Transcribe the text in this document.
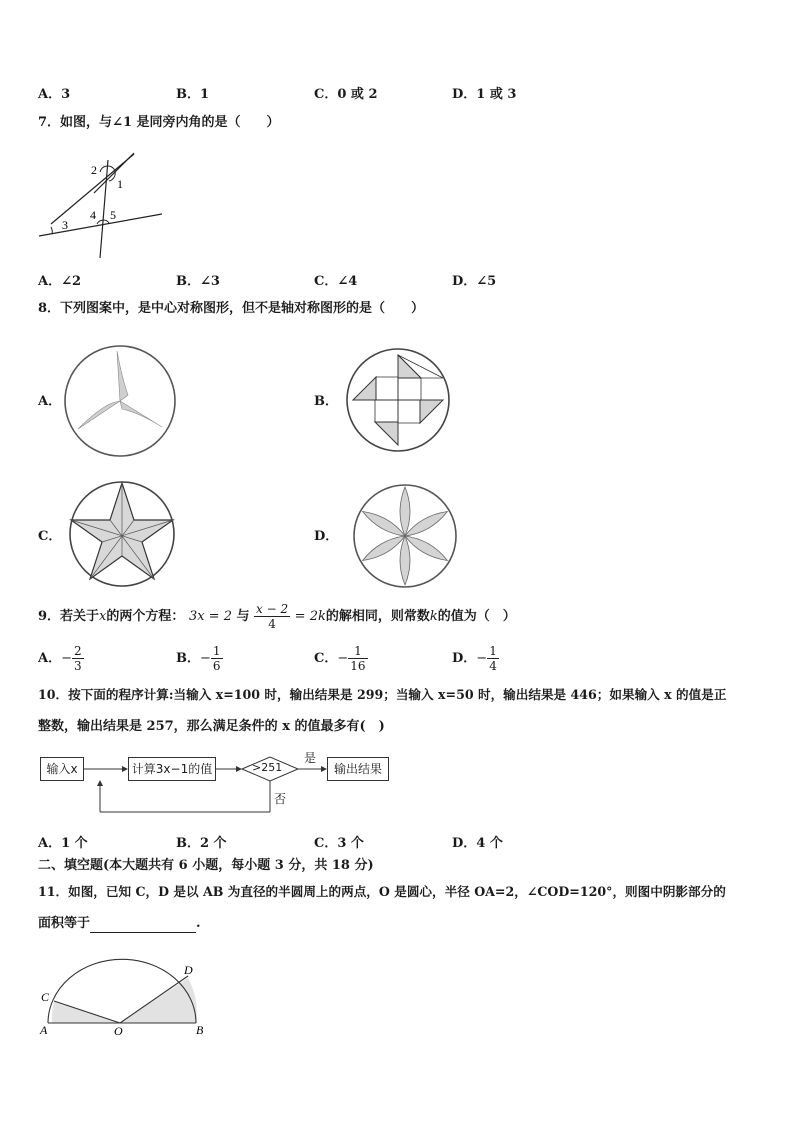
A．3	B．1	C．0 或 2	D．1 或 3
7．如图，与∠1 是同旁内角的是（　　）
2
1
3
4 5
A．∠2	B．∠3	C．∠4	D．∠5
8．下列图案中，是中心对称图形，但不是轴对称图形的是（　　）
A．	B．
C．	D．
9．若关于x的两个方程： 3x = 2 与 $\frac{x - 2}{4} = 2k$的解相同，则常数k的值为（　）
A．− $\frac{2}{3}$	B．− $\frac{1}{6}$	C．− $\frac{1}{16}$	D．− $\frac{1}{4}$
10．按下面的程序计算:当输入 x=100 时，输出结果是 299；当输入 x=50 时，输出结果是 446；如果输入 x 的值是正
整数，输出结果是 257，那么满足条件的 x 的值最多有(　)
输入x	计算3x−1的值	>251
是
否
输出结果
A．1 个	B．2 个	C．3 个	D．4 个
二、填空题(本大题共有 6 小题，每小题 3 分，共 18 分)
11．如图，已知 C，D 是以 AB 为直径的半圆周上的两点，O 是圆心，半径 OA=2，∠COD=120°，则图中阴影部分的
面积等于	.
A	O	B
C
D
